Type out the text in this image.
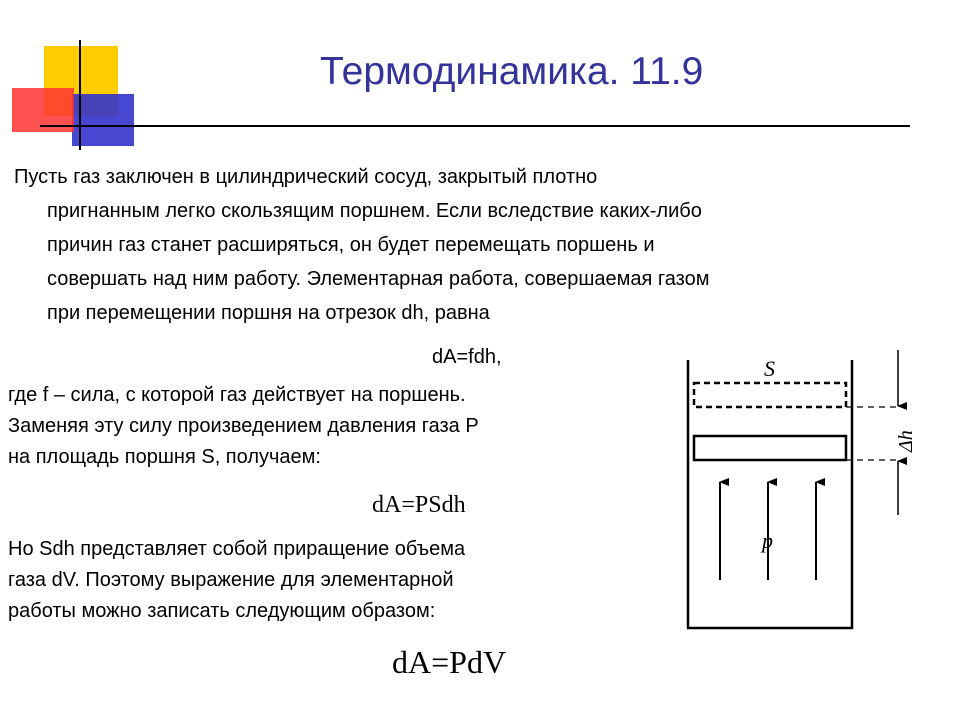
Термодинамика. 11.9
Пусть газ заключен в цилиндрический сосуд, закрытый плотно
пригнанным легко скользящим поршнем. Если вследствие каких-либо
причин газ станет расширяться, он будет перемещать поршень и
совершать над ним работу. Элементарная работа, совершаемая газом
при перемещении поршня на отрезок dh, равна
dA=fdh,
где f – сила, с которой газ действует на поршень.
Заменяя эту силу произведением давления газа P
на площадь поршня S, получаем:
dA=PSdh
Но Sdh представляет собой приращение объема
газа dV. Поэтому выражение для элементарной
работы можно записать следующим образом:
dA=PdV
S
Δh
p
